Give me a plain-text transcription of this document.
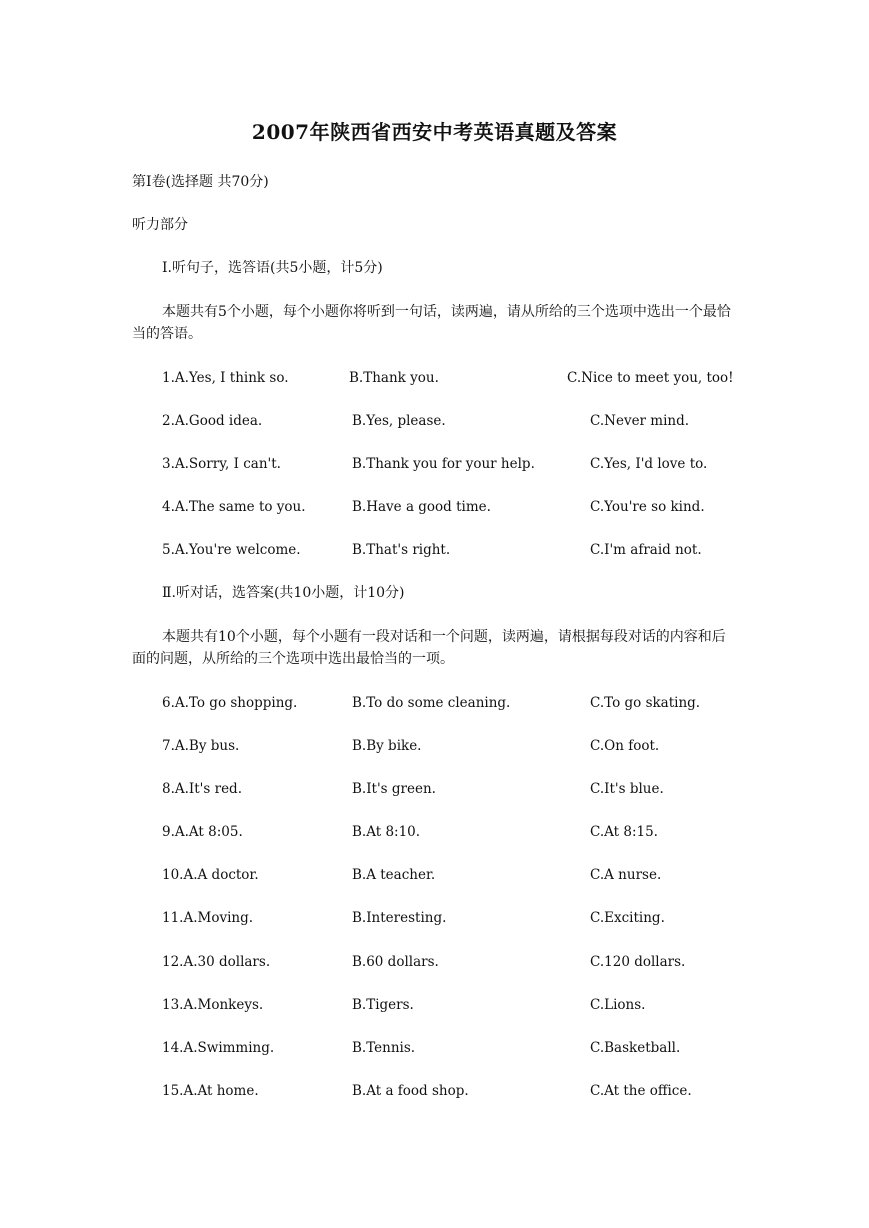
2007年陕西省西安中考英语真题及答案
第Ⅰ卷(选择题 共70分)
听力部分
Ⅰ.听句子，选答语(共5小题，计5分)
本题共有5个小题，每个小题你将听到一句话，读两遍，请从所给的三个选项中选出一个最恰当的答语。
1.A.Yes, I think so.	B.Thank you.	C.Nice to meet you, too!
2.A.Good idea.	B.Yes, please.	C.Never mind.
3.A.Sorry, I can't.	B.Thank you for your help.	C.Yes, I'd love to.
4.A.The same to you.	B.Have a good time.	C.You're so kind.
5.A.You're welcome.	B.That's right.	C.I'm afraid not.
Ⅱ.听对话，选答案(共10小题，计10分)
本题共有10个小题，每个小题有一段对话和一个问题，读两遍，请根据每段对话的内容和后面的问题，从所给的三个选项中选出最恰当的一项。
6.A.To go shopping.	B.To do some cleaning.	C.To go skating.
7.A.By bus.	B.By bike.	C.On foot.
8.A.It's red.	B.It's green.	C.It's blue.
9.A.At 8:05.	B.At 8:10.	C.At 8:15.
10.A.A doctor.	B.A teacher.	C.A nurse.
11.A.Moving.	B.Interesting.	C.Exciting.
12.A.30 dollars.	B.60 dollars.	C.120 dollars.
13.A.Monkeys.	B.Tigers.	C.Lions.
14.A.Swimming.	B.Tennis.	C.Basketball.
15.A.At home.	B.At a food shop.	C.At the office.
